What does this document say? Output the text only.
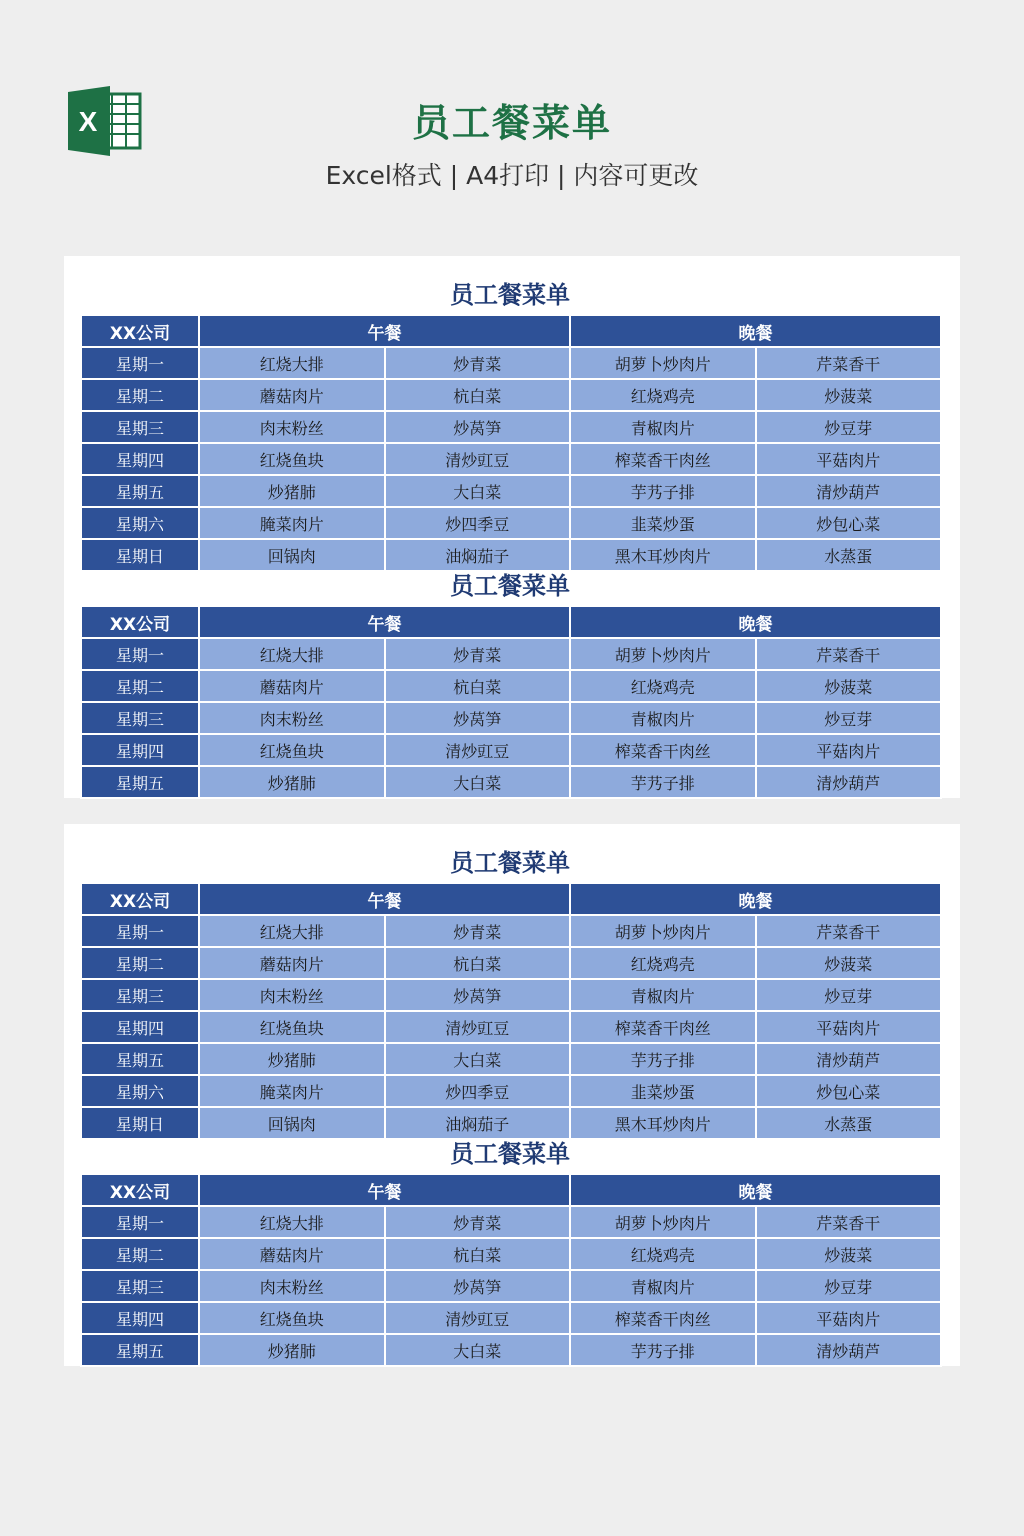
X	员工餐菜单
Excel格式 | A4打印 | 内容可更改
员工餐菜单
XX公司	午餐		晚餐	
星期一	红烧大排	炒青菜	胡萝卜炒肉片	芹菜香干
星期二	蘑菇肉片	杭白菜	红烧鸡壳	炒菠菜
星期三	肉末粉丝	炒莴笋	青椒肉片	炒豆芽
星期四	红烧鱼块	清炒豇豆	榨菜香干肉丝	平菇肉片
星期五	炒猪肺	大白菜	芋艿子排	清炒葫芦
星期六	腌菜肉片	炒四季豆	韭菜炒蛋	炒包心菜
星期日	回锅肉	油焖茄子	黑木耳炒肉片	水蒸蛋
员工餐菜单
XX公司	午餐		晚餐	
星期一	红烧大排	炒青菜	胡萝卜炒肉片	芹菜香干
星期二	蘑菇肉片	杭白菜	红烧鸡壳	炒菠菜
星期三	肉末粉丝	炒莴笋	青椒肉片	炒豆芽
星期四	红烧鱼块	清炒豇豆	榨菜香干肉丝	平菇肉片
星期五	炒猪肺	大白菜	芋艿子排	清炒葫芦
员工餐菜单
XX公司	午餐		晚餐	
星期一	红烧大排	炒青菜	胡萝卜炒肉片	芹菜香干
星期二	蘑菇肉片	杭白菜	红烧鸡壳	炒菠菜
星期三	肉末粉丝	炒莴笋	青椒肉片	炒豆芽
星期四	红烧鱼块	清炒豇豆	榨菜香干肉丝	平菇肉片
星期五	炒猪肺	大白菜	芋艿子排	清炒葫芦
星期六	腌菜肉片	炒四季豆	韭菜炒蛋	炒包心菜
星期日	回锅肉	油焖茄子	黑木耳炒肉片	水蒸蛋
员工餐菜单
XX公司	午餐		晚餐	
星期一	红烧大排	炒青菜	胡萝卜炒肉片	芹菜香干
星期二	蘑菇肉片	杭白菜	红烧鸡壳	炒菠菜
星期三	肉末粉丝	炒莴笋	青椒肉片	炒豆芽
星期四	红烧鱼块	清炒豇豆	榨菜香干肉丝	平菇肉片
星期五	炒猪肺	大白菜	芋艿子排	清炒葫芦
